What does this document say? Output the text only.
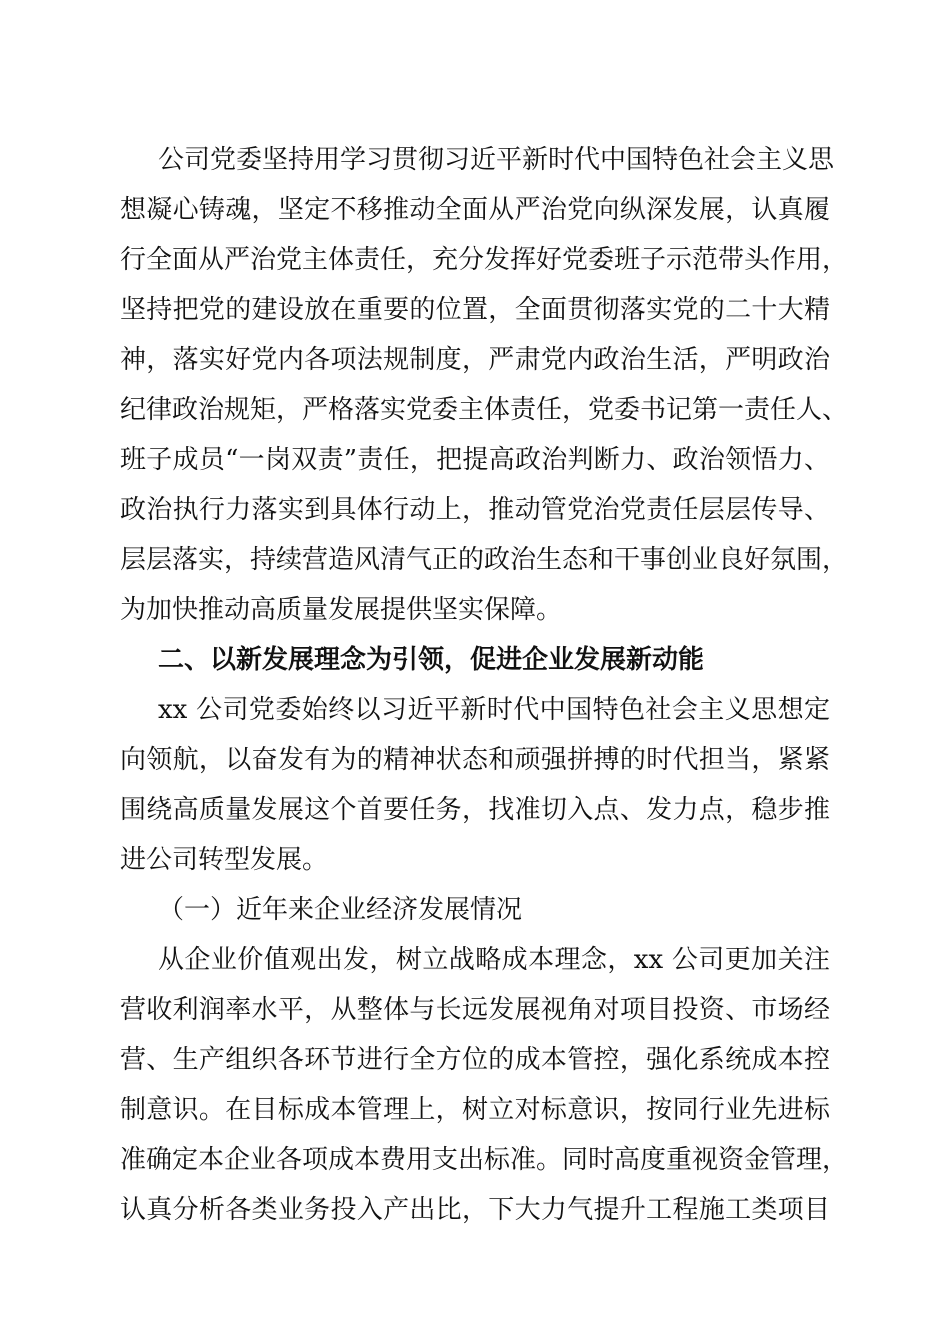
公司党委坚持用学习贯彻习近平新时代中国特色社会主义思

想凝心铸魂，坚定不移推动全面从严治党向纵深发展，认真履

行全面从严治党主体责任，充分发挥好党委班子示范带头作用，

坚持把党的建设放在重要的位置，全面贯彻落实党的二十大精

神，落实好党内各项法规制度，严肃党内政治生活，严明政治

纪律政治规矩，严格落实党委主体责任，党委书记第一责任人、

班子成员“一岗双责”责任，把提高政治判断力、政治领悟力、

政治执行力落实到具体行动上，推动管党治党责任层层传导、

层层落实，持续营造风清气正的政治生态和干事创业良好氛围，

为加快推动高质量发展提供坚实保障。

二、以新发展理念为引领，促进企业发展新动能

xx 公司党委始终以习近平新时代中国特色社会主义思想定

向领航，以奋发有为的精神状态和顽强拼搏的时代担当，紧紧

围绕高质量发展这个首要任务，找准切入点、发力点，稳步推

进公司转型发展。

（一）近年来企业经济发展情况

从企业价值观出发，树立战略成本理念，xx 公司更加关注

营收利润率水平，从整体与长远发展视角对项目投资、市场经

营、生产组织各环节进行全方位的成本管控，强化系统成本控

制意识。在目标成本管理上，树立对标意识，按同行业先进标

准确定本企业各项成本费用支出标准。同时高度重视资金管理，

认真分析各类业务投入产出比，下大力气提升工程施工类项目
